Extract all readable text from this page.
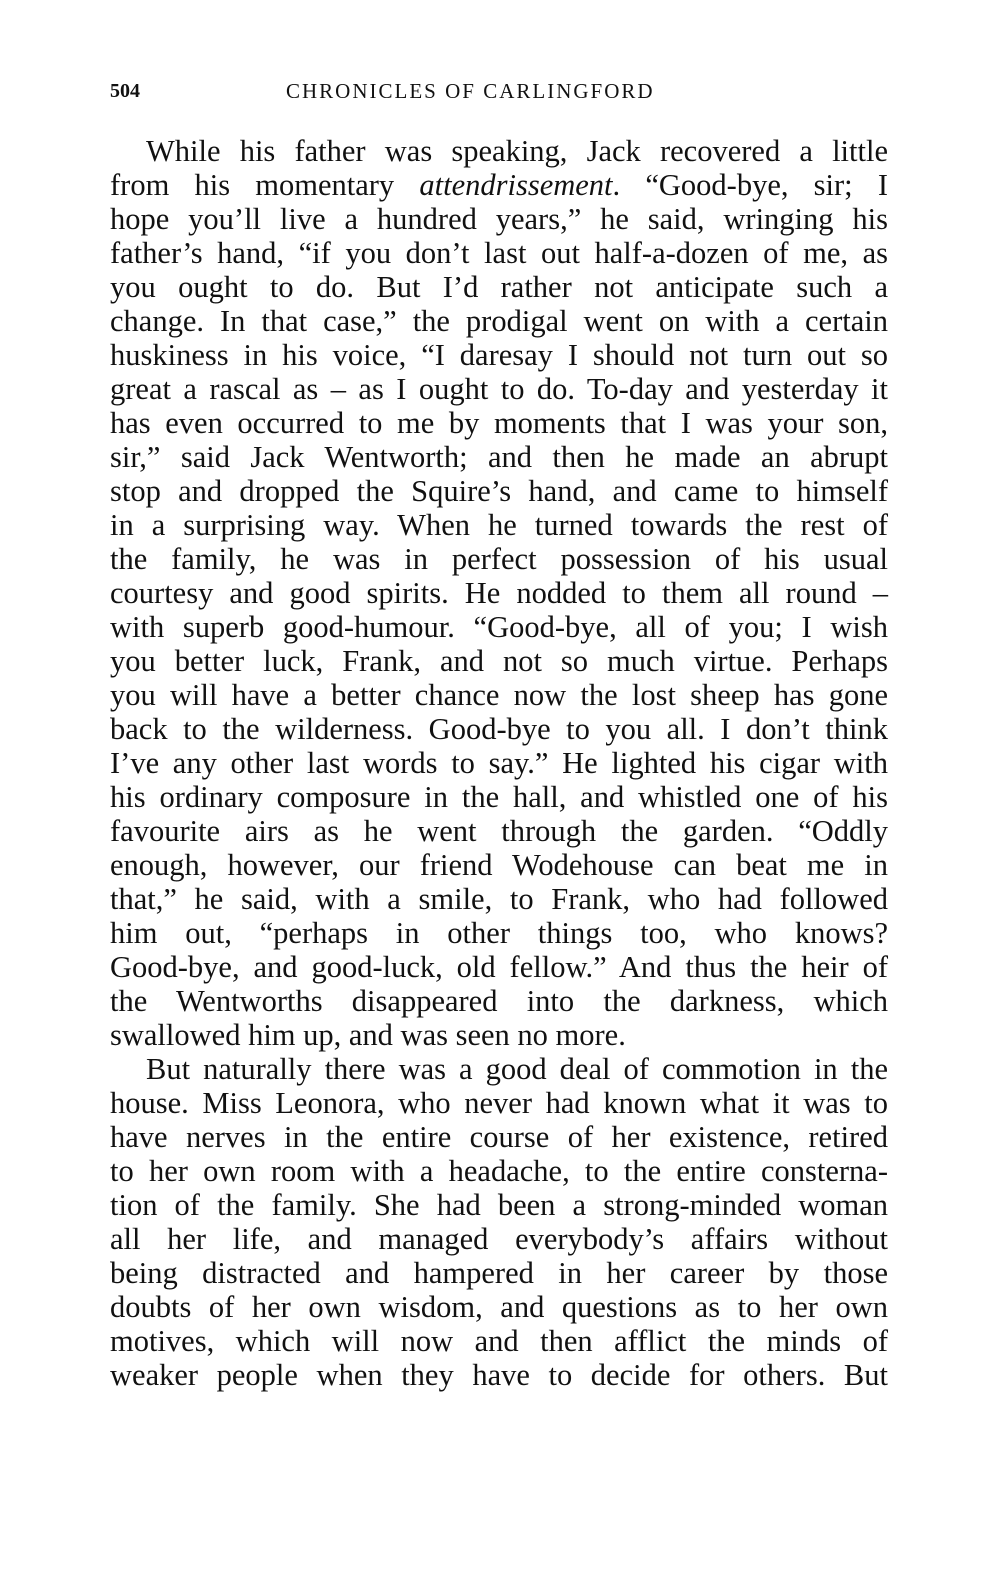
504	CHRONICLES OF CARLINGFORD
While his father was speaking, Jack recovered a little
from his momentary attendrissement. “Good-bye, sir; I
hope you’ll live a hundred years,” he said, wringing his
father’s hand, “if you don’t last out half-a-dozen of me, as
you ought to do. But I’d rather not anticipate such a
change. In that case,” the prodigal went on with a certain
huskiness in his voice, “I daresay I should not turn out so
great a rascal as – as I ought to do. To-day and yesterday it
has even occurred to me by moments that I was your son,
sir,” said Jack Wentworth; and then he made an abrupt
stop and dropped the Squire’s hand, and came to himself
in a surprising way. When he turned towards the rest of
the family, he was in perfect possession of his usual
courtesy and good spirits. He nodded to them all round –
with superb good-humour. “Good-bye, all of you; I wish
you better luck, Frank, and not so much virtue. Perhaps
you will have a better chance now the lost sheep has gone
back to the wilderness. Good-bye to you all. I don’t think
I’ve any other last words to say.” He lighted his cigar with
his ordinary composure in the hall, and whistled one of his
favourite airs as he went through the garden. “Oddly
enough, however, our friend Wodehouse can beat me in
that,” he said, with a smile, to Frank, who had followed
him out, “perhaps in other things too, who knows?
Good-bye, and good-luck, old fellow.” And thus the heir of
the Wentworths disappeared into the darkness, which
swallowed him up, and was seen no more.
But naturally there was a good deal of commotion in the
house. Miss Leonora, who never had known what it was to
have nerves in the entire course of her existence, retired
to her own room with a headache, to the entire consterna-
tion of the family. She had been a strong-minded woman
all her life, and managed everybody’s affairs without
being distracted and hampered in her career by those
doubts of her own wisdom, and questions as to her own
motives, which will now and then afflict the minds of
weaker people when they have to decide for others. But
